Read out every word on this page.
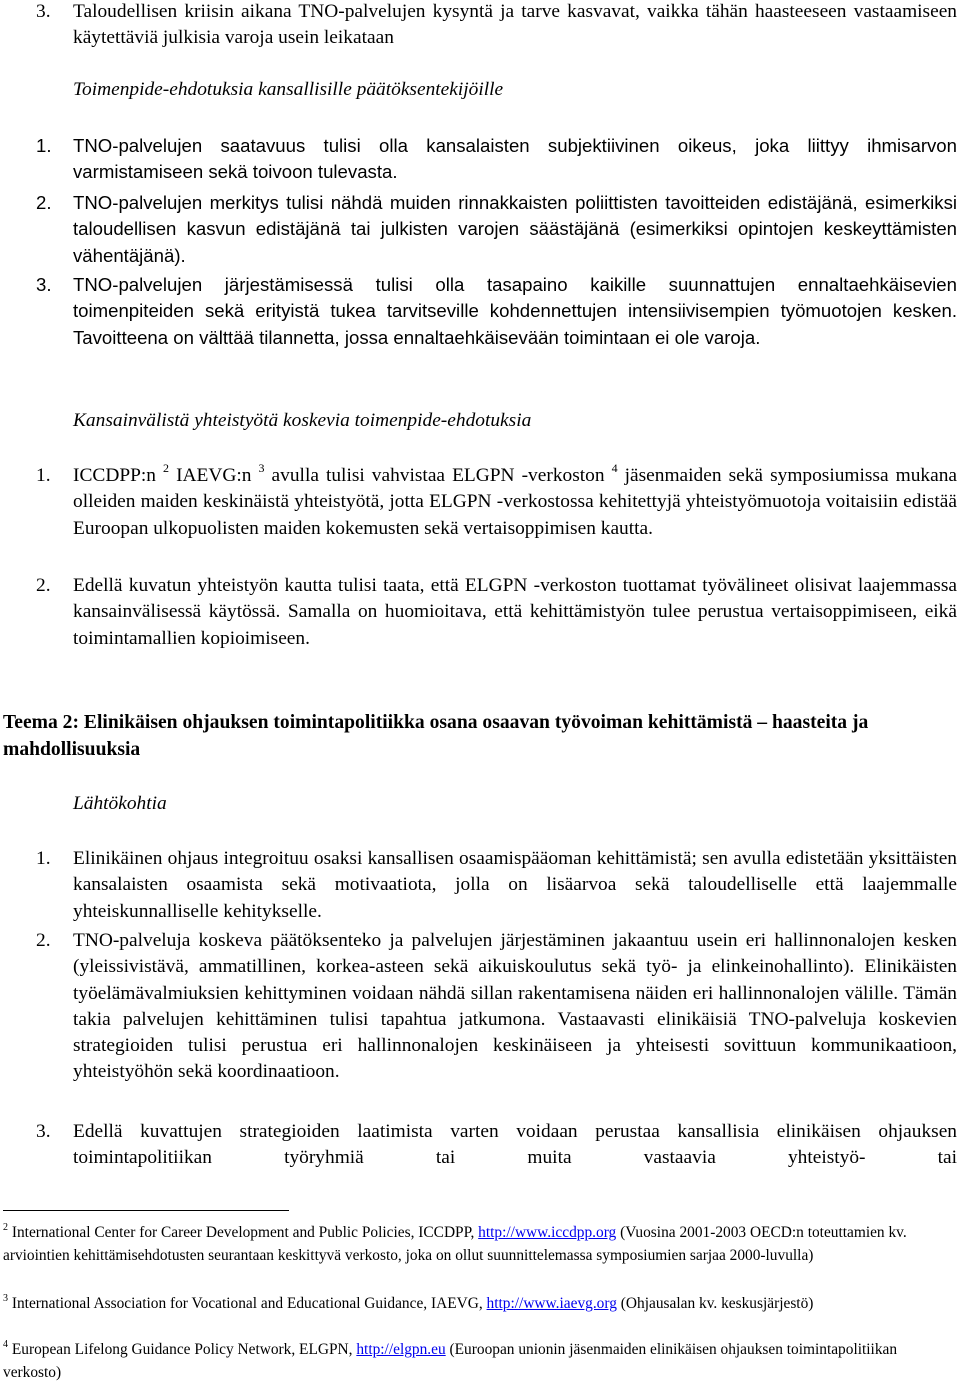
3. Taloudellisen kriisin aikana TNO-palvelujen kysyntä ja tarve kasvavat, vaikka tähän haasteeseen vastaamiseen käytettäviä julkisia varoja usein leikataan
Toimenpide-ehdotuksia kansallisille päätöksentekijöille
1. TNO-palvelujen saatavuus tulisi olla kansalaisten subjektiivinen oikeus, joka liittyy ihmisarvon varmistamiseen sekä toivoon tulevasta.
2. TNO-palvelujen merkitys tulisi nähdä muiden rinnakkaisten poliittisten tavoitteiden edistäjänä, esimerkiksi taloudellisen kasvun edistäjänä tai julkisten varojen säästäjänä (esimerkiksi opintojen keskeyttämisten vähentäjänä).
3. TNO-palvelujen järjestämisessä tulisi olla tasapaino kaikille suunnattujen ennaltaehkäisevien toimenpiteiden sekä erityistä tukea tarvitseville kohdennettujen intensiivisempien työmuotojen kesken. Tavoitteena on välttää tilannetta, jossa ennaltaehkäisevään toimintaan ei ole varoja.
Kansainvälistä yhteistyötä koskevia toimenpide-ehdotuksia
1. ICCDPP:n $^2$ IAEVG:n $^3$ avulla tulisi vahvistaa ELGPN -verkoston $^4$ jäsenmaiden sekä symposiumissa mukana olleiden maiden keskinäistä yhteistyötä, jotta ELGPN -verkostossa kehitettyjä yhteistyömuotoja voitaisiin edistää Euroopan ulkopuolisten maiden kokemusten sekä vertaisoppimisen kautta.
2. Edellä kuvatun yhteistyön kautta tulisi taata, että ELGPN -verkoston tuottamat työvälineet olisivat laajemmassa kansainvälisessä käytössä. Samalla on huomioitava, että kehittämistyön tulee perustua vertaisoppimiseen, eikä toimintamallien kopioimiseen.
Teema 2: Elinikäisen ohjauksen toimintapolitiikka osana osaavan työvoiman kehittämistä – haasteita ja mahdollisuuksia
Lähtökohtia
1. Elinikäinen ohjaus integroituu osaksi kansallisen osaamispääoman kehittämistä; sen avulla edistetään yksittäisten kansalaisten osaamista sekä motivaatiota, jolla on lisäarvoa sekä taloudelliselle että laajemmalle yhteiskunnalliselle kehitykselle.
2. TNO-palveluja koskeva päätöksenteko ja palvelujen järjestäminen jakaantuu usein eri hallinnonalojen kesken (yleissivistävä, ammatillinen, korkea-asteen sekä aikuiskoulutus sekä työ- ja elinkeinohallinto). Elinikäisten työelämävalmiuksien kehittyminen voidaan nähdä sillan rakentamisena näiden eri hallinnonalojen välille. Tämän takia palvelujen kehittäminen tulisi tapahtua jatkumona. Vastaavasti elinikäisiä TNO-palveluja koskevien strategioiden tulisi perustua eri hallinnonalojen keskinäiseen ja yhteisesti sovittuun kommunikaatioon, yhteistyöhön sekä koordinaatioon.
3. Edellä kuvattujen strategioiden laatimista varten voidaan perustaa kansallisia elinikäisen ohjauksen toimintapolitiikan työryhmiä tai muita vastaavia yhteistyö- tai
$^2$ International Center for Career Development and Public Policies, ICCDPP, http://www.iccdpp.org (Vuosina 2001-2003 OECD:n toteuttamien kv. arviointien kehittämisehdotusten seurantaan keskittyvä verkosto, joka on ollut suunnittelemassa symposiumien sarjaa 2000-luvulla)
$^3$ International Association for Vocational and Educational Guidance, IAEVG, http://www.iaevg.org (Ohjausalan kv. keskusjärjestö)
$^4$ European Lifelong Guidance Policy Network, ELGPN, http://elgpn.eu (Euroopan unionin jäsenmaiden elinikäisen ohjauksen toimintapolitiikan verkosto)
